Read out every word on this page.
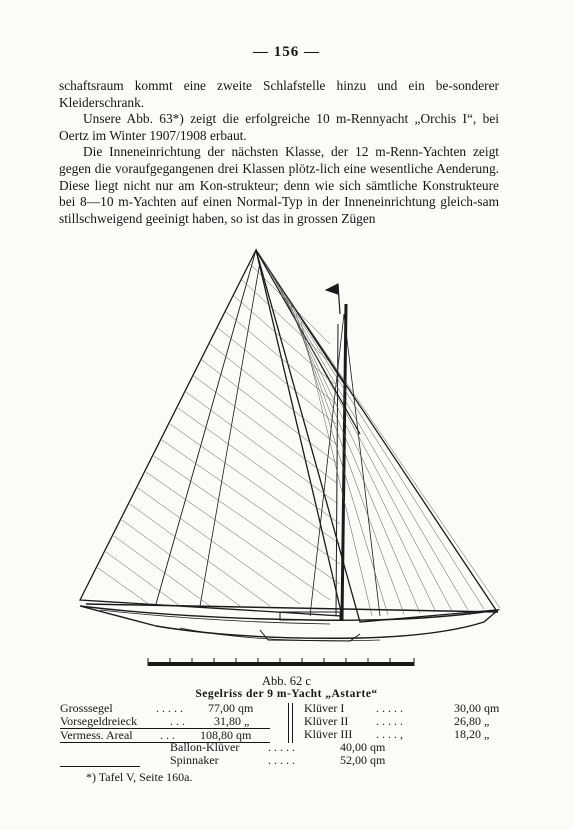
— 156 —

schaftsraum kommt eine zweite Schlafstelle hinzu und ein be-sonderer Kleiderschrank.

Unsere Abb. 63*) zeigt die erfolgreiche 10 m-Rennyacht „Orchis I“, bei Oertz im Winter 1907/1908 erbaut.

Die Inneneinrichtung der nächsten Klasse, der 12 m-Renn-Yachten zeigt gegen die voraufgegangenen drei Klassen plötz-lich eine wesentliche Aenderung. Diese liegt nicht nur am Kon-strukteur; denn wie sich sämtliche Konstrukteure bei 8—10 m-Yachten auf einen Normal-Typ in der Inneneinrichtung gleich-sam stillschweigend geeinigt haben, so ist das in grossen Zügen

Abb. 62 c
Segelriss der 9 m-Yacht „Astarte“
Grosssegel	. . . . . 77,00 qm
Vorsegeldreieck	. . . 31,80 „
Vermess. Areal . . . 108,80 qm
Klüver I	. . . . .	30,00 qm
Klüver II . . . . .	26,80 „
Klüver III . . . . ,	18,20 „
Ballon-Klüver . . . . .	40,00 qm
Spinnaker	. . . . .	52,00 qm
*) Tafel V, Seite 160a.
